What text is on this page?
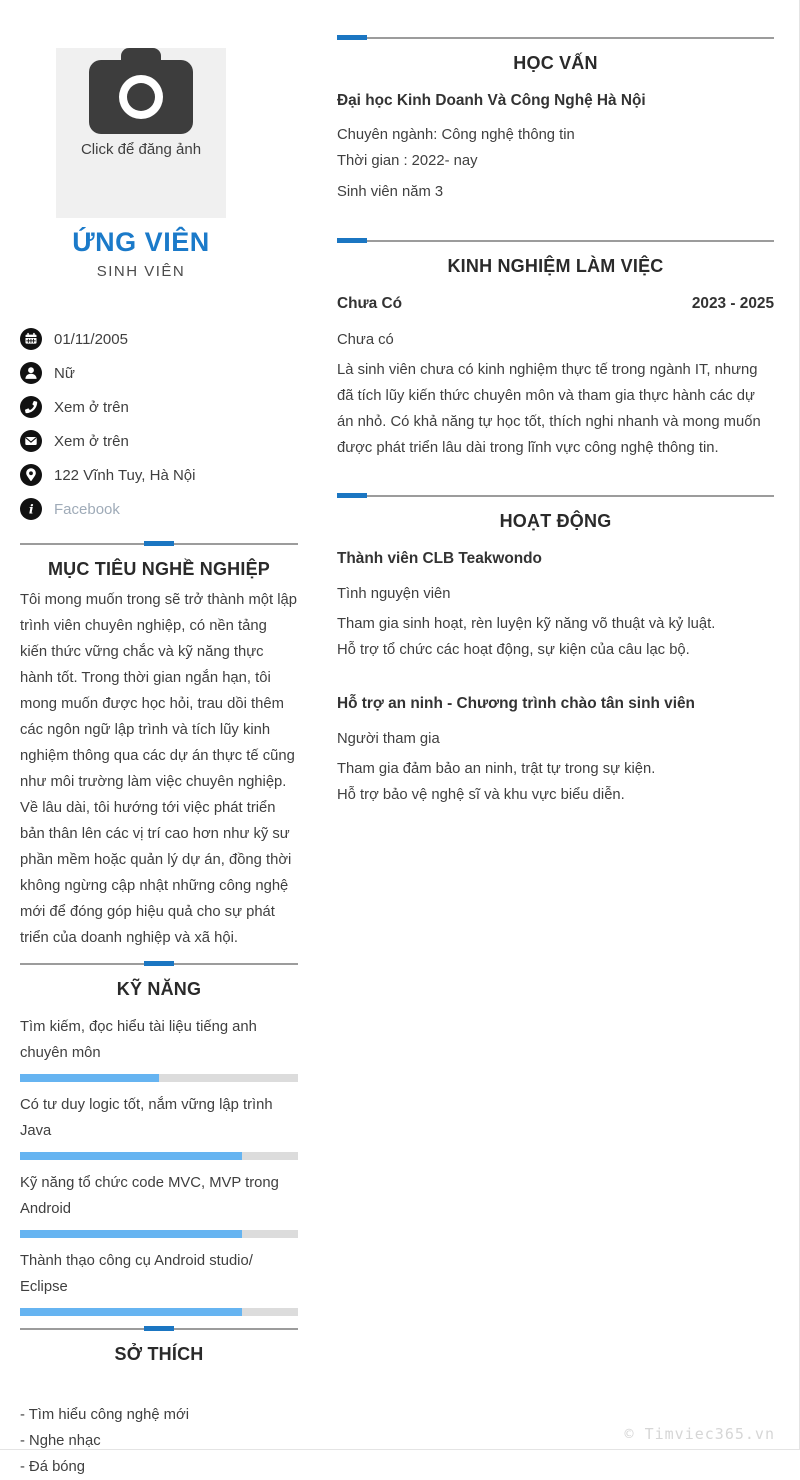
Click để đăng ảnh
ỨNG VIÊN
SINH VIÊN
01/11/2005
Nữ
Xem ở trên
Xem ở trên
122 Vĩnh Tuy, Hà Nội
i Facebook
MỤC TIÊU NGHỀ NGHIỆP
Tôi mong muốn trong sẽ trở thành một lập trình viên chuyên nghiệp, có nền tảng kiến thức vững chắc và kỹ năng thực hành tốt. Trong thời gian ngắn hạn, tôi mong muốn được học hỏi, trau dồi thêm các ngôn ngữ lập trình và tích lũy kinh nghiệm thông qua các dự án thực tế cũng như môi trường làm việc chuyên nghiệp. Về lâu dài, tôi hướng tới việc phát triển bản thân lên các vị trí cao hơn như kỹ sư phần mềm hoặc quản lý dự án, đồng thời không ngừng cập nhật những công nghệ mới để đóng góp hiệu quả cho sự phát triển của doanh nghiệp và xã hội.
KỸ NĂNG
Tìm kiếm, đọc hiểu tài liệu tiếng anh chuyên môn
Có tư duy logic tốt, nắm vững lập trình Java
Kỹ năng tổ chức code MVC, MVP trong Android
Thành thạo công cụ Android studio/ Eclipse
SỞ THÍCH
- Tìm hiểu công nghệ mới
- Nghe nhạc
- Đá bóng
HỌC VẤN
Đại học Kinh Doanh Và Công Nghệ Hà Nội
Chuyên ngành: Công nghệ thông tin
Thời gian : 2022- nay
Sinh viên năm 3
KINH NGHIỆM LÀM VIỆC
Chưa Có	2023 - 2025
Chưa có
Là sinh viên chưa có kinh nghiệm thực tế trong ngành IT, nhưng đã tích lũy kiến thức chuyên môn và tham gia thực hành các dự án nhỏ. Có khả năng tự học tốt, thích nghi nhanh và mong muốn được phát triển lâu dài trong lĩnh vực công nghệ thông tin.
HOẠT ĐỘNG
Thành viên CLB Teakwondo
Tình nguyện viên
Tham gia sinh hoạt, rèn luyện kỹ năng võ thuật và kỷ luật.
Hỗ trợ tổ chức các hoạt động, sự kiện của câu lạc bộ.
Hỗ trợ an ninh - Chương trình chào tân sinh viên
Người tham gia
Tham gia đảm bảo an ninh, trật tự trong sự kiện.
Hỗ trợ bảo vệ nghệ sĩ và khu vực biểu diễn.
© Timviec365.vn
